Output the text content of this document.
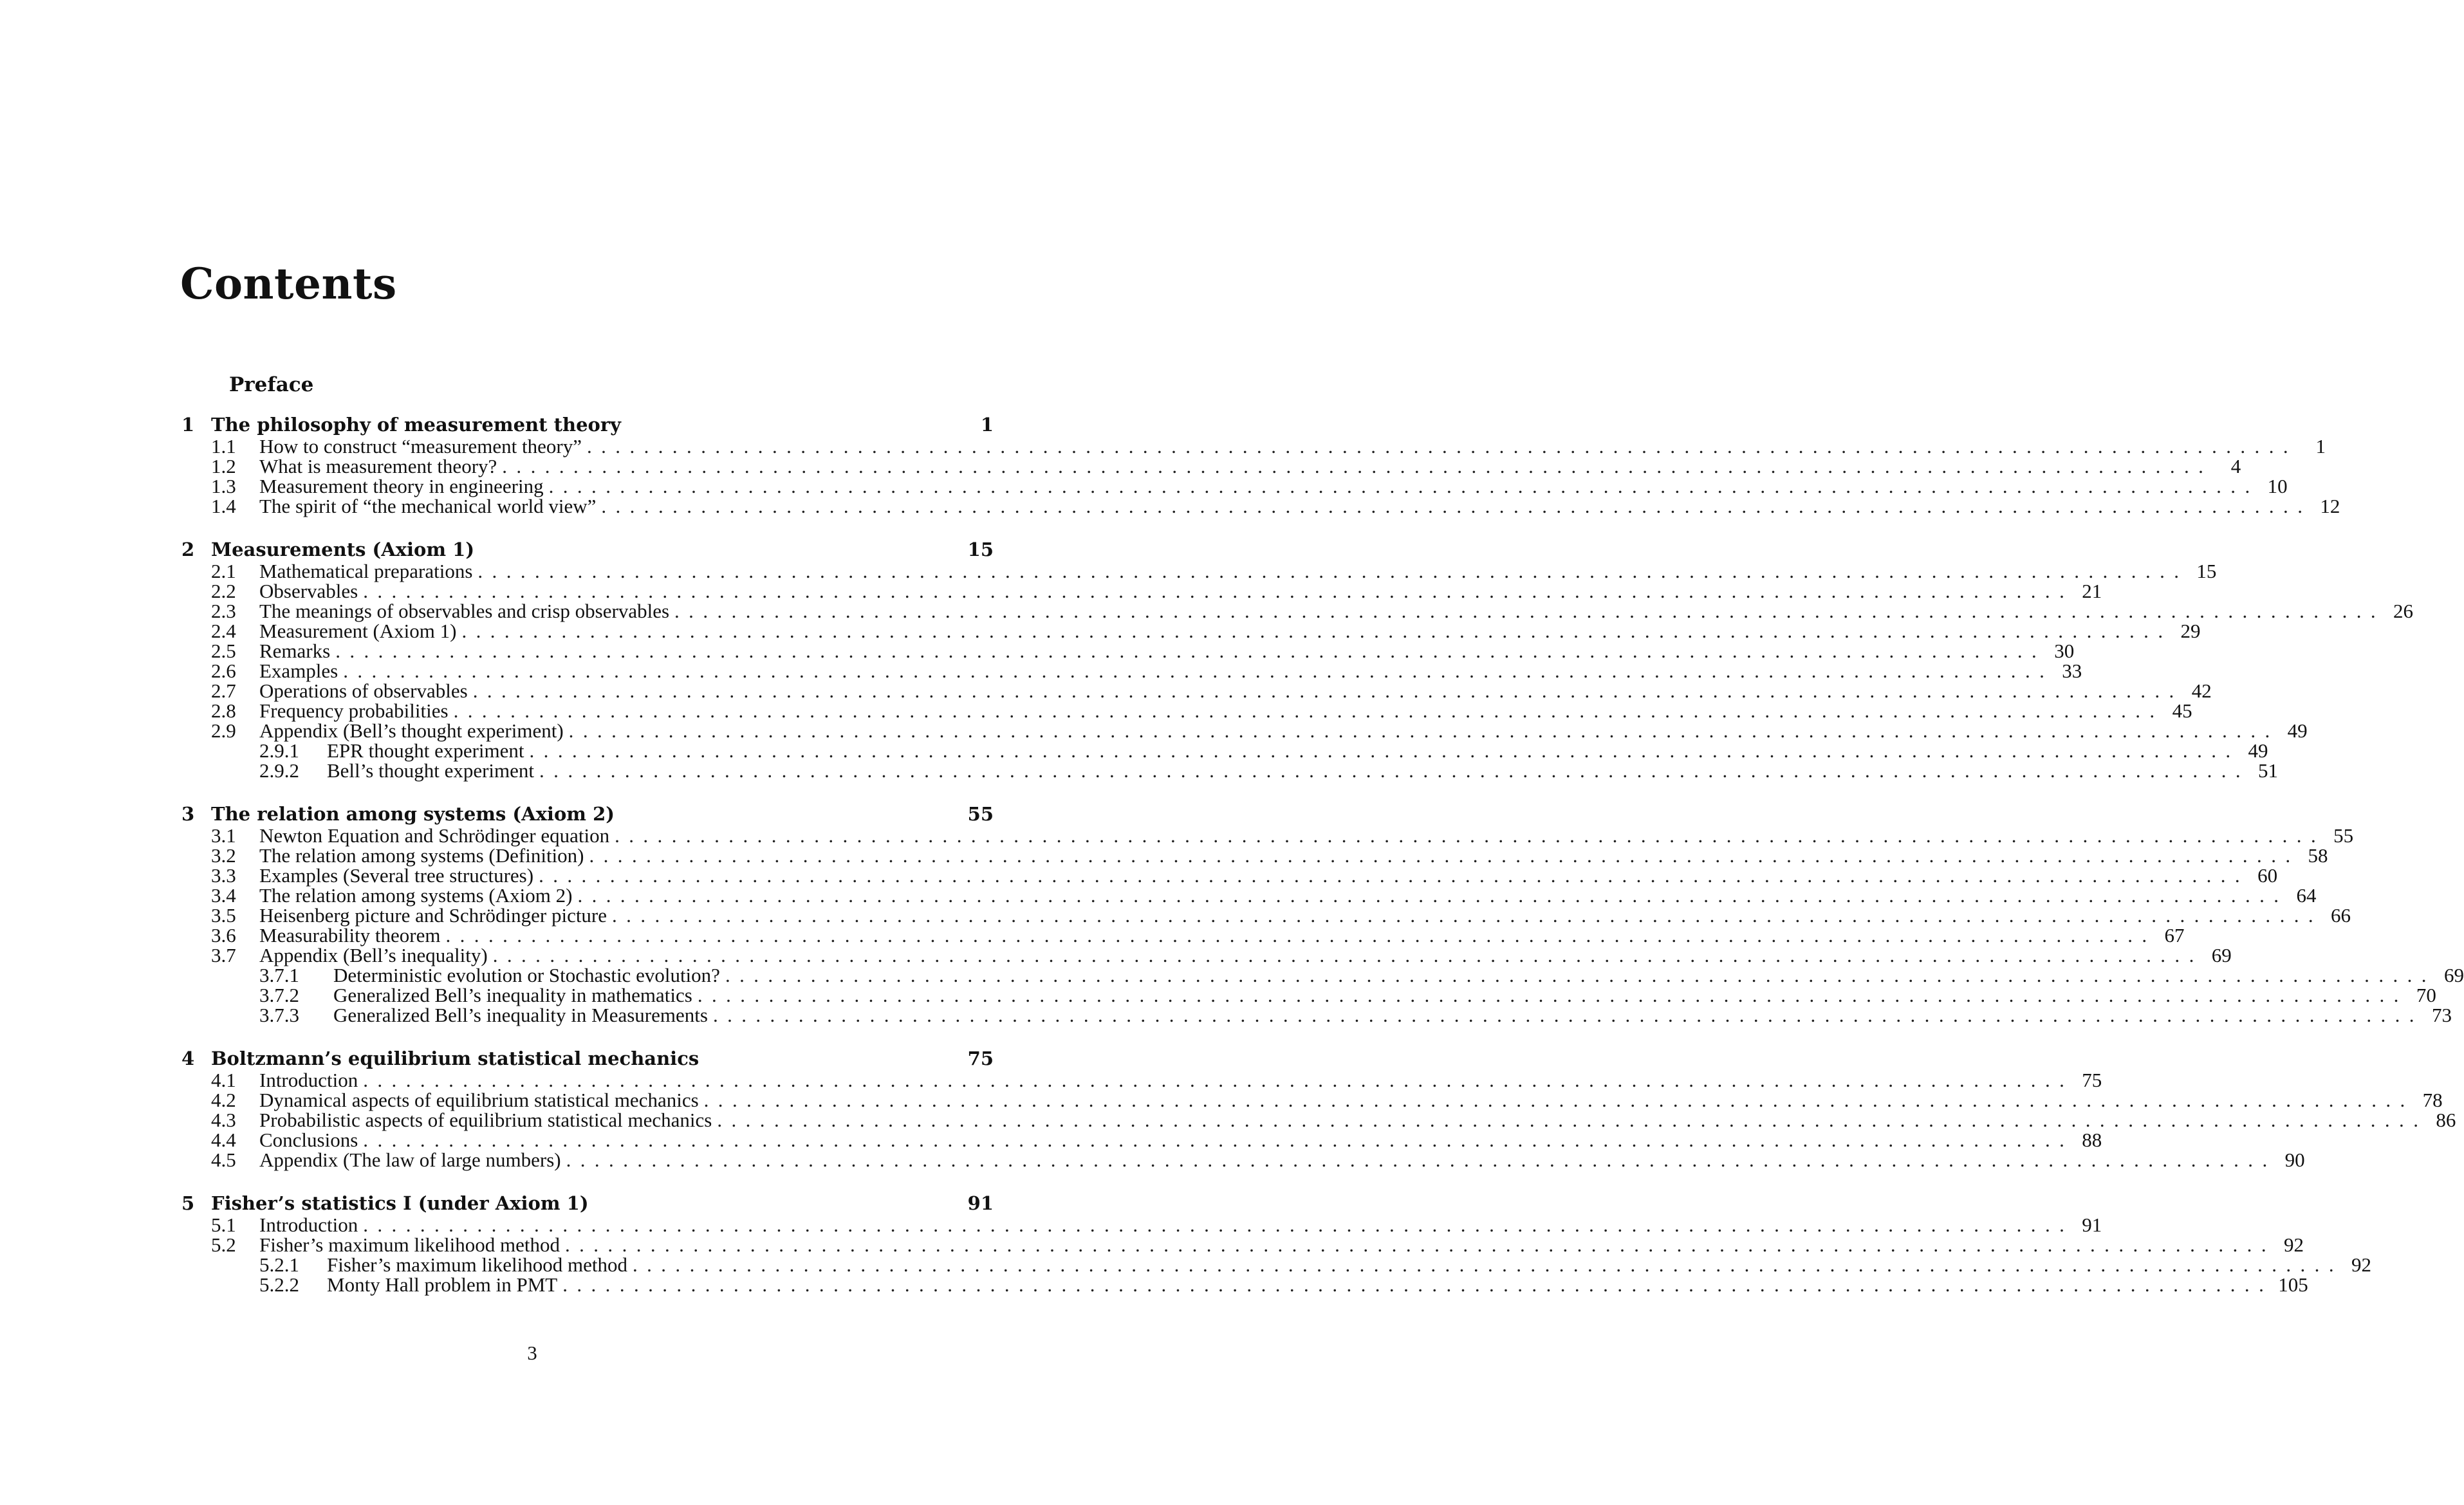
Contents
Preface
1 The philosophy of measurement theory	1
1.1	How to construct “measurement theory” ........................................................................................................................ 1
1.2	What is measurement theory? ........................................................................................................................ 4
1.3	Measurement theory in engineering ........................................................................................................................ 10
1.4	The spirit of “the mechanical world view” ........................................................................................................................ 12
2 Measurements (Axiom 1)	15
2.1	Mathematical preparations ........................................................................................................................ 15
2.2	Observables ........................................................................................................................ 21
2.3	The meanings of observables and crisp observables ........................................................................................................................ 26
2.4	Measurement (Axiom 1) ........................................................................................................................ 29
2.5	Remarks ........................................................................................................................ 30
2.6	Examples ........................................................................................................................ 33
2.7	Operations of observables ........................................................................................................................ 42
2.8	Frequency probabilities ........................................................................................................................ 45
2.9	Appendix (Bell’s thought experiment) ........................................................................................................................ 49
2.9.1	EPR thought experiment ........................................................................................................................ 49
2.9.2	Bell’s thought experiment ........................................................................................................................ 51
3 The relation among systems (Axiom 2)	55
3.1	Newton Equation and Schrödinger equation ........................................................................................................................ 55
3.2	The relation among systems (Definition) ........................................................................................................................ 58
3.3	Examples (Several tree structures) ........................................................................................................................ 60
3.4	The relation among systems (Axiom 2) ........................................................................................................................ 64
3.5	Heisenberg picture and Schrödinger picture ........................................................................................................................ 66
3.6	Measurability theorem ........................................................................................................................ 67
3.7	Appendix (Bell’s inequality) ........................................................................................................................ 69
3.7.1	Deterministic evolution or Stochastic evolution? ........................................................................................................................ 69
3.7.2	Generalized Bell’s inequality in mathematics ........................................................................................................................ 70
3.7.3	Generalized Bell’s inequality in Measurements ........................................................................................................................ 73
4 Boltzmann’s equilibrium statistical mechanics	75
4.1	Introduction ........................................................................................................................ 75
4.2	Dynamical aspects of equilibrium statistical mechanics ........................................................................................................................ 78
4.3	Probabilistic aspects of equilibrium statistical mechanics ........................................................................................................................ 86
4.4	Conclusions ........................................................................................................................ 88
4.5	Appendix (The law of large numbers) ........................................................................................................................ 90
5 Fisher’s statistics I (under Axiom 1)	91
5.1	Introduction ........................................................................................................................ 91
5.2	Fisher’s maximum likelihood method ........................................................................................................................ 92
5.2.1	Fisher’s maximum likelihood method ........................................................................................................................ 92
5.2.2	Monty Hall problem in PMT ........................................................................................................................ 105
3
